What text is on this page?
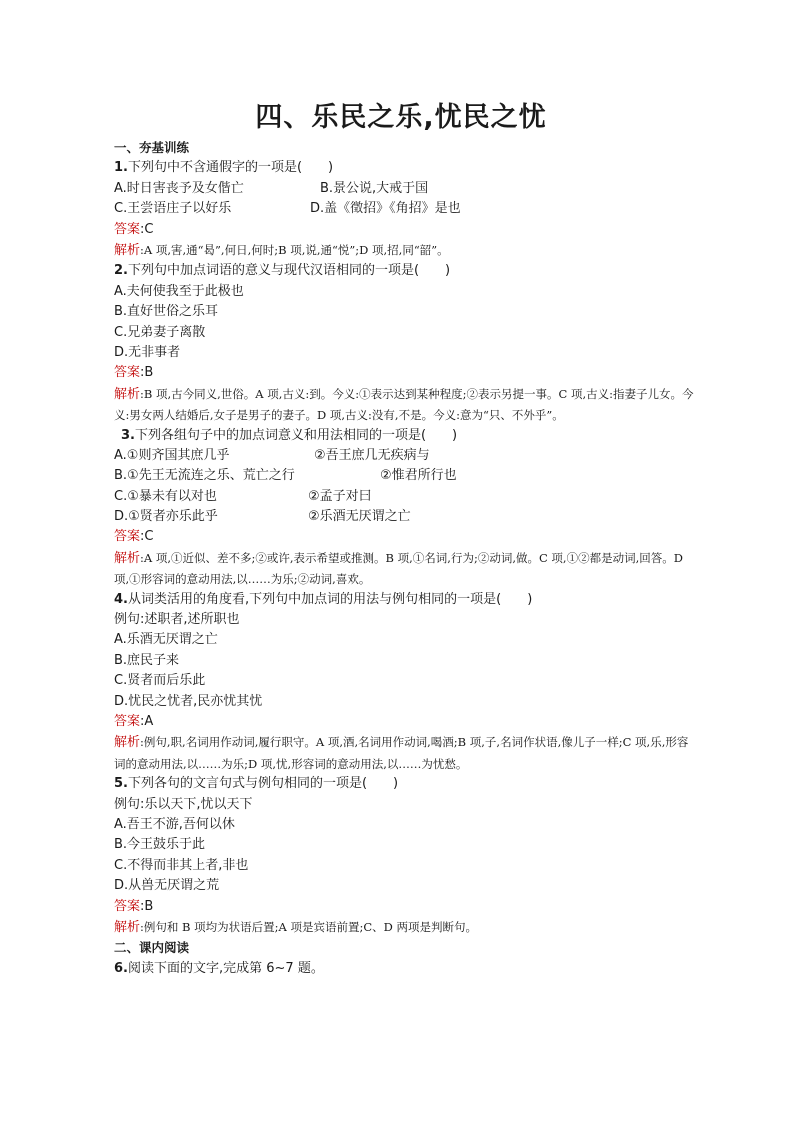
四、乐民之乐,忧民之忧
一、夯基训练
1.下列句中不含通假字的一项是(　　)
A.时日害丧予及女偕亡	B.景公说,大戒于国
C.王尝语庄子以好乐	D.盖《徵招》《角招》是也
答案:C
解析:A 项,害,通“曷”,何日,何时;B 项,说,通“悦”;D 项,招,同“韶”。
2.下列句中加点词语的意义与现代汉语相同的一项是(　　)
A.夫何使我至于此极也
B.直好世俗之乐耳
C.兄弟妻子离散
D.无非事者
答案:B
解析:B 项,古今同义,世俗。A 项,古义:到。今义:①表示达到某种程度;②表示另提一事。C 项,古义:指妻子儿女。今义:男女两人结婚后,女子是男子的妻子。D 项,古义:没有,不是。今义:意为“只、不外乎”。
3.下列各组句子中的加点词意义和用法相同的一项是(　　)
A.①则齐国其庶几乎	②吾王庶几无疾病与
B.①先王无流连之乐、荒亡之行	②惟君所行也
C.①暴未有以对也	②孟子对曰
D.①贤者亦乐此乎	②乐酒无厌谓之亡
答案:C
解析:A 项,①近似、差不多;②或许,表示希望或推测。B 项,①名词,行为;②动词,做。C 项,①②都是动词,回答。D 项,①形容词的意动用法,以……为乐;②动词,喜欢。
4.从词类活用的角度看,下列句中加点词的用法与例句相同的一项是(　　)
例句:述职者,述所职也
A.乐酒无厌谓之亡
B.庶民子来
C.贤者而后乐此
D.忧民之忧者,民亦忧其忧
答案:A
解析:例句,职,名词用作动词,履行职守。A 项,酒,名词用作动词,喝酒;B 项,子,名词作状语,像儿子一样;C 项,乐,形容词的意动用法,以……为乐;D 项,忧,形容词的意动用法,以……为忧愁。
5.下列各句的文言句式与例句相同的一项是(　　)
例句:乐以天下,忧以天下
A.吾王不游,吾何以休
B.今王鼓乐于此
C.不得而非其上者,非也
D.从兽无厌谓之荒
答案:B
解析:例句和 B 项均为状语后置;A 项是宾语前置;C、D 两项是判断句。
二、课内阅读
6.阅读下面的文字,完成第 6~7 题。
